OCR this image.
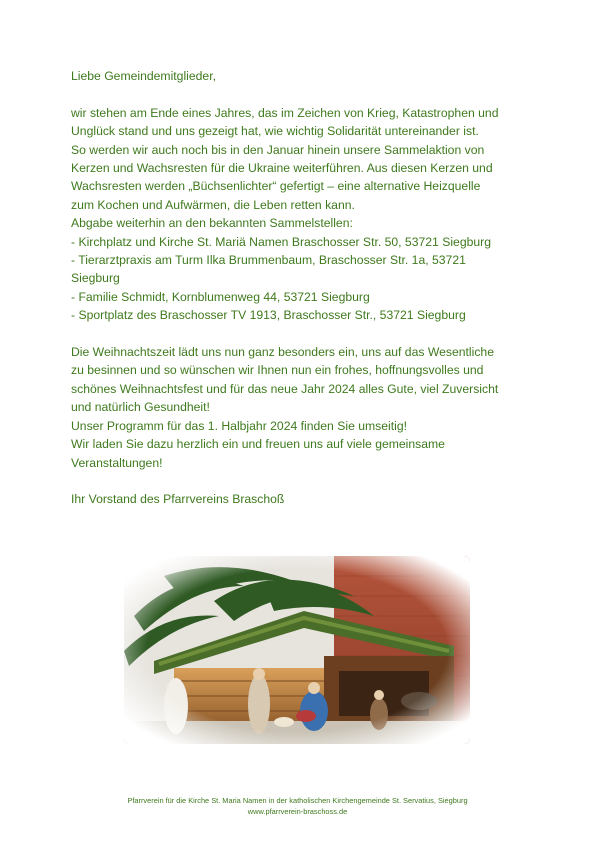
Liebe Gemeindemitglieder,

wir stehen am Ende eines Jahres, das im Zeichen von Krieg, Katastrophen und

Unglück stand und uns gezeigt hat, wie wichtig Solidarität untereinander ist.

So werden wir auch noch bis in den Januar hinein unsere Sammelaktion von

Kerzen und Wachsresten für die Ukraine weiterführen. Aus diesen Kerzen und

Wachsresten werden „Büchsenlichter“ gefertigt – eine alternative Heizquelle

zum Kochen und Aufwärmen, die Leben retten kann.

Abgabe weiterhin an den bekannten Sammelstellen:

- Kirchplatz und Kirche St. Mariä Namen Braschosser Str. 50, 53721 Siegburg

- Tierarztpraxis am Turm Ilka Brummenbaum, Braschosser Str. 1a, 53721

Siegburg

- Familie Schmidt, Kornblumenweg 44, 53721 Siegburg

- Sportplatz des Braschosser TV 1913, Braschosser Str., 53721 Siegburg

Die Weihnachtszeit lädt uns nun ganz besonders ein, uns auf das Wesentliche

zu besinnen und so wünschen wir Ihnen nun ein frohes, hoffnungsvolles und

schönes Weihnachtsfest und für das neue Jahr 2024 alles Gute, viel Zuversicht

und natürlich Gesundheit!

Unser Programm für das 1. Halbjahr 2024 finden Sie umseitig!

Wir laden Sie dazu herzlich ein und freuen uns auf viele gemeinsame

Veranstaltungen!

Ihr Vorstand des Pfarrvereins Braschoß

Pfarrverein für die Kirche St. Maria Namen in der katholischen Kirchengemeinde St. Servatius, Siegburg
www.pfarrverein-braschoss.de
